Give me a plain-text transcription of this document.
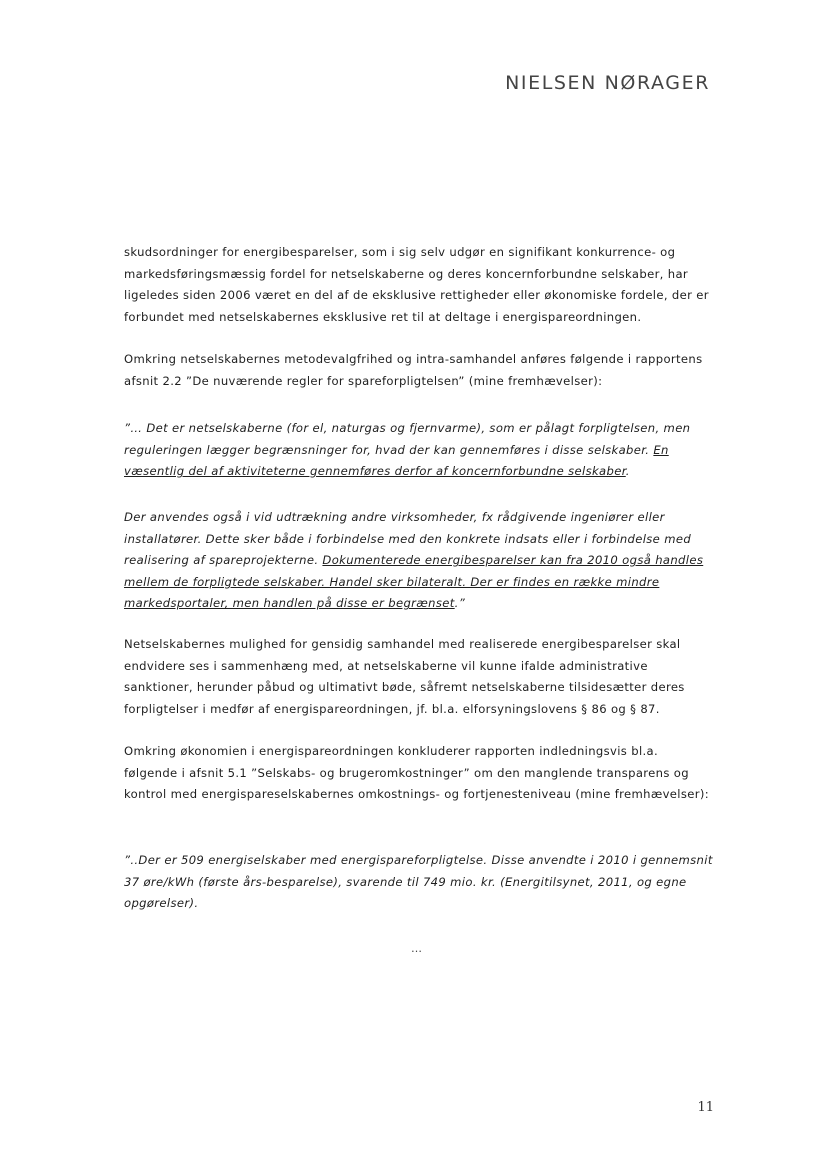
NIELSEN NØRAGER

skudsordninger for energibesparelser, som i sig selv udgør en signifikant konkurrence- og markedsføringsmæssig fordel for netselskaberne og deres koncernforbundne selskaber, har ligeledes siden 2006 været en del af de eksklusive rettigheder eller økonomiske fordele, der er forbundet med netselskabernes eksklusive ret til at deltage i energispareordningen.

Omkring netselskabernes metodevalgfrihed og intra-samhandel anføres følgende i rapportens afsnit 2.2 ”De nuværende regler for spareforpligtelsen” (mine fremhævelser):

”… Det er netselskaberne (for el, naturgas og fjernvarme), som er pålagt forpligtelsen, men reguleringen lægger begrænsninger for, hvad der kan gennemføres i disse selskaber. En væsentlig del af aktiviteterne gennemføres derfor af koncernforbundne selskaber.

Der anvendes også i vid udtrækning andre virksomheder, fx rådgivende ingeniører eller installatører. Dette sker både i forbindelse med den konkrete indsats eller i forbindelse med realisering af spareprojekterne. Dokumenterede energibesparelser kan fra 2010 også handles mellem de forpligtede selskaber. Handel sker bilateralt. Der er findes en række mindre markedsportaler, men handlen på disse er begrænset.”

Netselskabernes mulighed for gensidig samhandel med realiserede energibesparelser skal endvidere ses i sammenhæng med, at netselskaberne vil kunne ifalde administrative sanktioner, herunder påbud og ultimativt bøde, såfremt netselskaberne tilsidesætter deres forpligtelser i medfør af energispareordningen, jf. bl.a. elforsyningslovens § 86 og § 87.

Omkring økonomien i energispareordningen konkluderer rapporten indledningsvis bl.a. følgende i afsnit 5.1 ”Selskabs- og brugeromkostninger” om den manglende transparens og kontrol med energispareselskabernes omkostnings- og fortjenesteniveau (mine fremhævelser):

”..Der er 509 energiselskaber med energispareforpligtelse. Disse anvendte i 2010 i gennemsnit 37 øre/kWh (første års-besparelse), svarende til 749 mio. kr. (Energitilsynet, 2011, og egne opgørelser).

…
11
